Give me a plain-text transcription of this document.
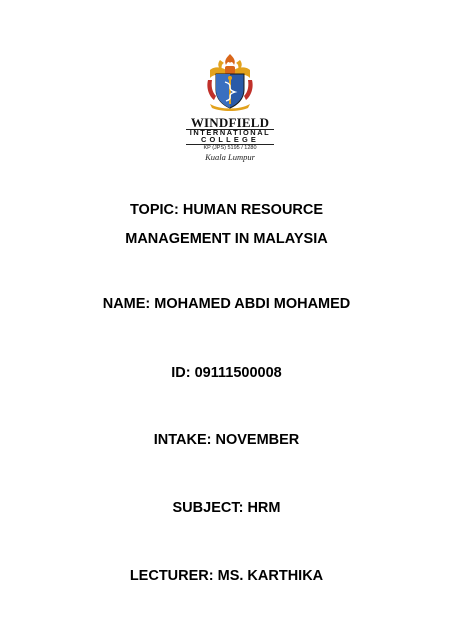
WINDFIELD
INTERNATIONAL
COLLEGE
KP (JPS) 5195 / 1280
Kuala Lumpur
TOPIC: HUMAN RESOURCE
MANAGEMENT IN MALAYSIA
NAME: MOHAMED ABDI MOHAMED
ID: 09111500008
INTAKE: NOVEMBER
SUBJECT: HRM
LECTURER: MS. KARTHIKA
